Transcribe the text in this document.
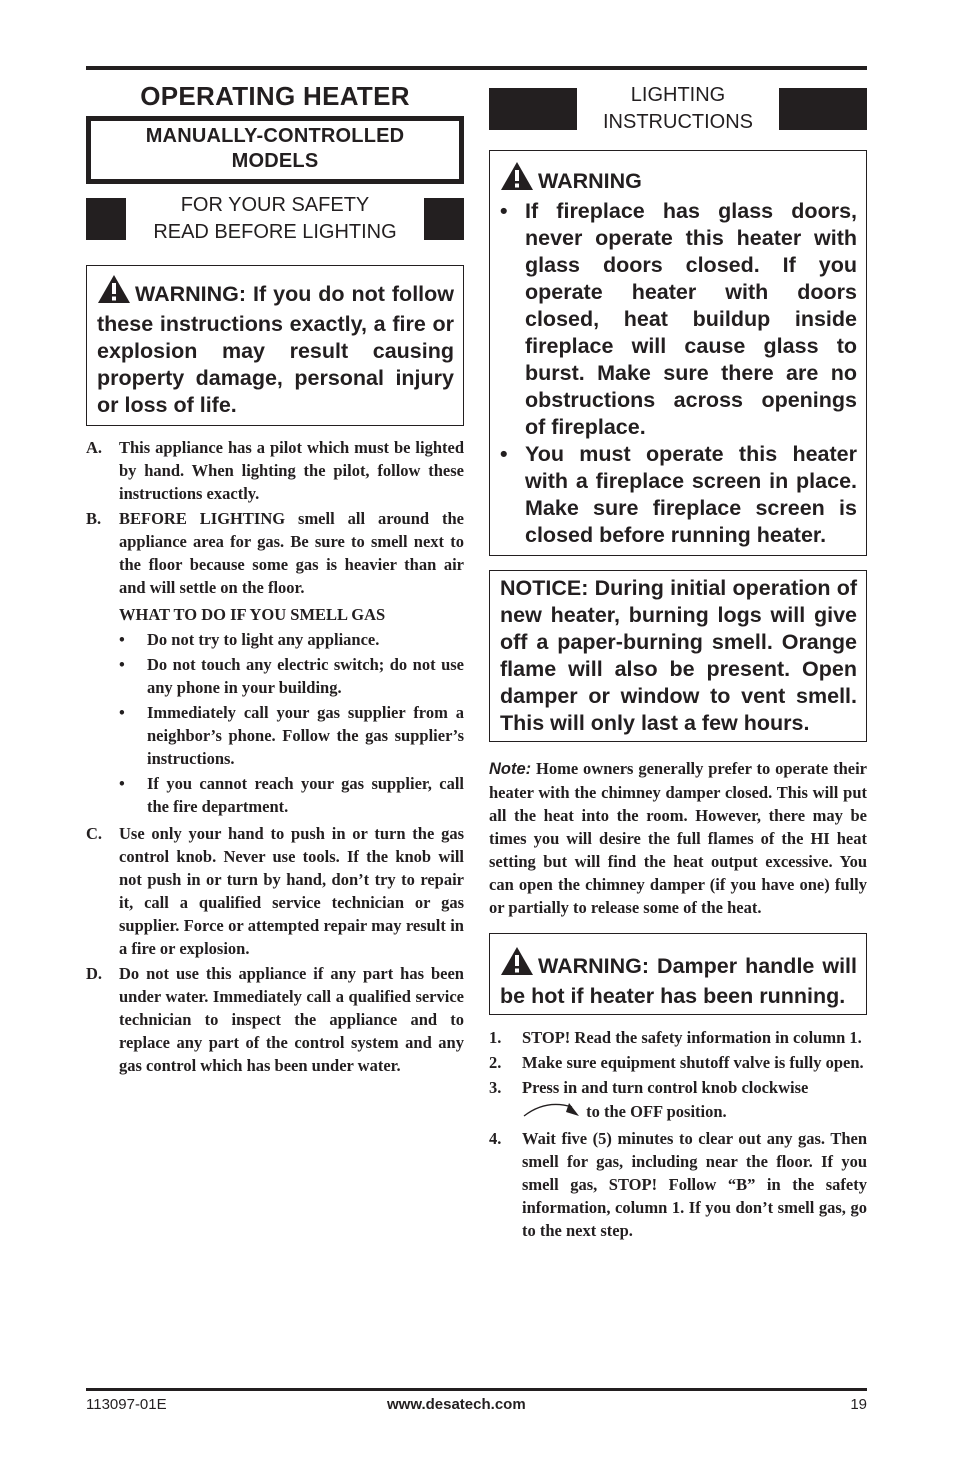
OPERATING HEATER
MANUALLY-CONTROLLED
MODELS
FOR YOUR SAFETY
READ BEFORE LIGHTING
WARNING: If you do not follow these instructions exactly, a fire or explosion may result causing property damage, personal injury or loss of life.
A.	This appliance has a pilot which must be lighted by hand. When lighting the pilot, follow these instructions exactly.
B.	BEFORE LIGHTING smell all around the appliance area for gas. Be sure to smell next to the floor because some gas is heavier than air and will settle on the floor.
WHAT TO DO IF YOU SMELL GAS
•	Do not try to light any appliance.
•	Do not touch any electric switch; do not use any phone in your building.
•	Immediately call your gas supplier from a neighbor’s phone. Follow the gas supplier’s instructions.
•	If you cannot reach your gas supplier, call the fire department.
C.	Use only your hand to push in or turn the gas control knob. Never use tools. If the knob will not push in or turn by hand, don’t try to repair it, call a qualified service technician or gas supplier. Force or attempted repair may result in a fire or explosion.
D.	Do not use this appliance if any part has been under water. Immediately call a qualified service technician to inspect the appliance and to replace any part of the control system and any gas control which has been under water.
LIGHTING
INSTRUCTIONS
WARNING
• If fireplace has glass doors, never operate this heater with glass doors closed. If you operate heater with doors closed, heat buildup inside fireplace will cause glass to burst. Make sure there are no obstructions across openings of fireplace.
• You must operate this heater with a fireplace screen in place. Make sure fireplace screen is closed before running heater.
NOTICE: During initial operation of new heater, burning logs will give off a paper-burning smell. Orange flame will also be present. Open damper or window to vent smell. This will only last a few hours.

Note: Home owners generally prefer to operate their heater with the chimney damper closed. This will put all the heat into the room. However, there may be times you will desire the full flames of the HI heat setting but will find the heat output excessive. You can open the chimney damper (if you have one) fully or partially to release some of the heat.

WARNING: Damper handle will be hot if heater has been running.
1.	STOP! Read the safety information in column 1.
2.	Make sure equipment shutoff valve is fully open.
3.	Press in and turn control knob clockwise
to the OFF position.
4.	Wait five (5) minutes to clear out any gas. Then smell for gas, including near the floor. If you smell gas, STOP! Follow “B” in the safety information, column 1. If you don’t smell gas, go to the next step.
113097-01E	www.desatech.com	19
